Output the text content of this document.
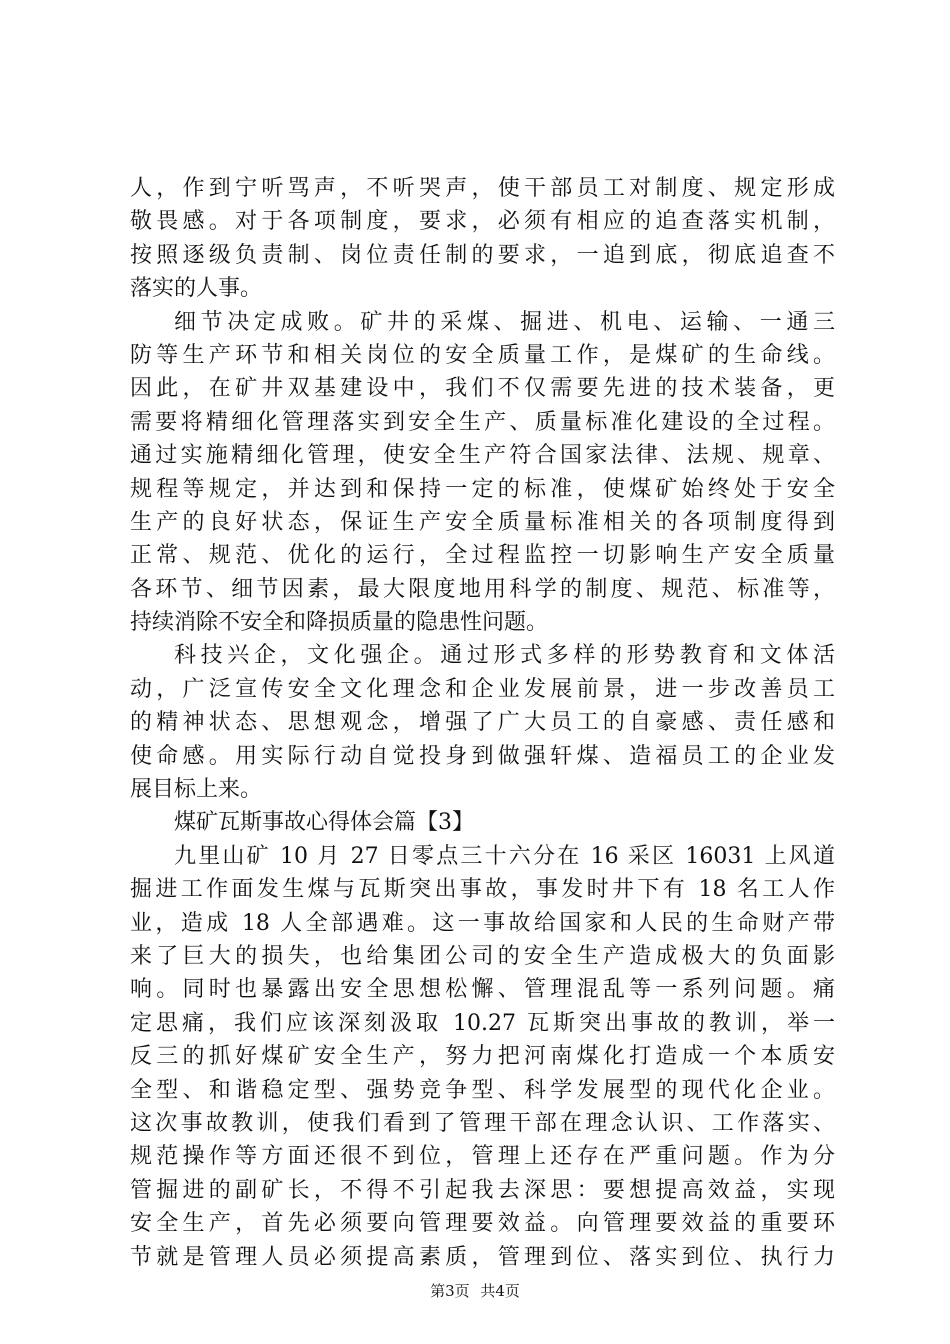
人，作到宁听骂声，不听哭声，使干部员工对制度、规定形成
敬畏感。对于各项制度，要求，必须有相应的追查落实机制，
按照逐级负责制、岗位责任制的要求，一追到底，彻底追查不
落实的人事。
细节决定成败。矿井的采煤、掘进、机电、运输、一通三
防等生产环节和相关岗位的安全质量工作，是煤矿的生命线。
因此，在矿井双基建设中，我们不仅需要先进的技术装备，更
需要将精细化管理落实到安全生产、质量标准化建设的全过程。
通过实施精细化管理，使安全生产符合国家法律、法规、规章、
规程等规定，并达到和保持一定的标准，使煤矿始终处于安全
生产的良好状态，保证生产安全质量标准相关的各项制度得到
正常、规范、优化的运行，全过程监控一切影响生产安全质量
各环节、细节因素，最大限度地用科学的制度、规范、标准等，
持续消除不安全和降损质量的隐患性问题。
科技兴企，文化强企。通过形式多样的形势教育和文体活
动，广泛宣传安全文化理念和企业发展前景，进一步改善员工
的精神状态、思想观念，增强了广大员工的自豪感、责任感和
使命感。用实际行动自觉投身到做强轩煤、造福员工的企业发
展目标上来。
煤矿瓦斯事故心得体会篇【3】
九里山矿 10 月 27 日零点三十六分在 16 采区 16031 上风道
掘进工作面发生煤与瓦斯突出事故，事发时井下有 18 名工人作
业，造成 18 人全部遇难。这一事故给国家和人民的生命财产带
来了巨大的损失，也给集团公司的安全生产造成极大的负面影
响。同时也暴露出安全思想松懈、管理混乱等一系列问题。痛
定思痛，我们应该深刻汲取 10.27 瓦斯突出事故的教训，举一
反三的抓好煤矿安全生产，努力把河南煤化打造成一个本质安
全型、和谐稳定型、强势竞争型、科学发展型的现代化企业。
这次事故教训，使我们看到了管理干部在理念认识、工作落实、
规范操作等方面还很不到位，管理上还存在严重问题。作为分
管掘进的副矿长，不得不引起我去深思：要想提高效益，实现
安全生产，首先必须要向管理要效益。向管理要效益的重要环
节就是管理人员必须提高素质，管理到位、落实到位、执行力
第3页 共4页
